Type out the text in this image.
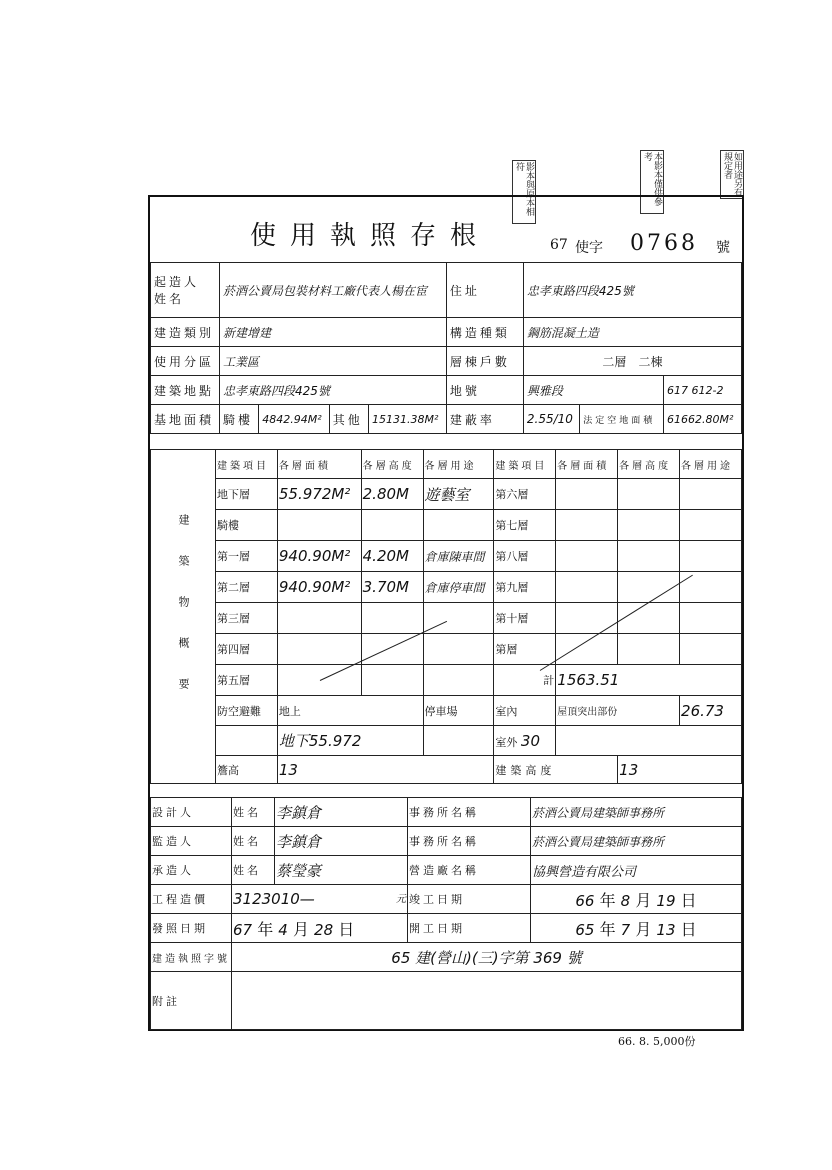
影本與原本相符	本影本僅供參考	如用途另有規定者
使用執照存根	67 使字 0768 號
起造人
姓名	菸酒公賣局包裝材料工廠代表人楊在宦				住址	忠孝東路四段425號		
建造類別	新建增建				構造種類	鋼筋混凝土造		
使用分區	工業區				層棟戶數	二層　 二棟		
建築地點	忠孝東路四段425號				地號	興雅段		617 612-2
基地面積	騎樓	4842.94M²	其他	15131.38M²	建蔽率	2.55/10	法定空地面積	61662.80M²
建築物概要	建築項目	各層面積	各層高度	各層用途	建築項目	各層面積	各層高度	各層用途
	地下層	55.972M²	2.80M	遊藝室	第六層			
	騎樓				第七層			
	第一層	940.90M²	4.20M	倉庫陳車間	第八層			
	第二層	940.90M²	3.70M	倉庫停車間	第九層			
	第三層				第十層			
	第四層				第層			
	第五層				計	1563.51		
	防空避難	地上		停車場	室內	屋頂突出部份		26.73
		地下55.972			室外 30			
	簷高	13			建築高度		13	
設計人	姓名	李鎮倉	事務所名稱	菸酒公賣局建築師事務所
監造人	姓名	李鎮倉	事務所名稱	菸酒公賣局建築師事務所
承造人	姓名	蔡瑩豪	營造廠名稱	協興營造有限公司
工程造價	3123010— 元		竣工日期	66 年 8 月 19 日
發照日期	67 年 4 月 28 日		開工日期	65 年 7 月 13 日
建造執照字號	65 建(營山)(三)字第 369 號			
附註				
66. 8. 5,000份
